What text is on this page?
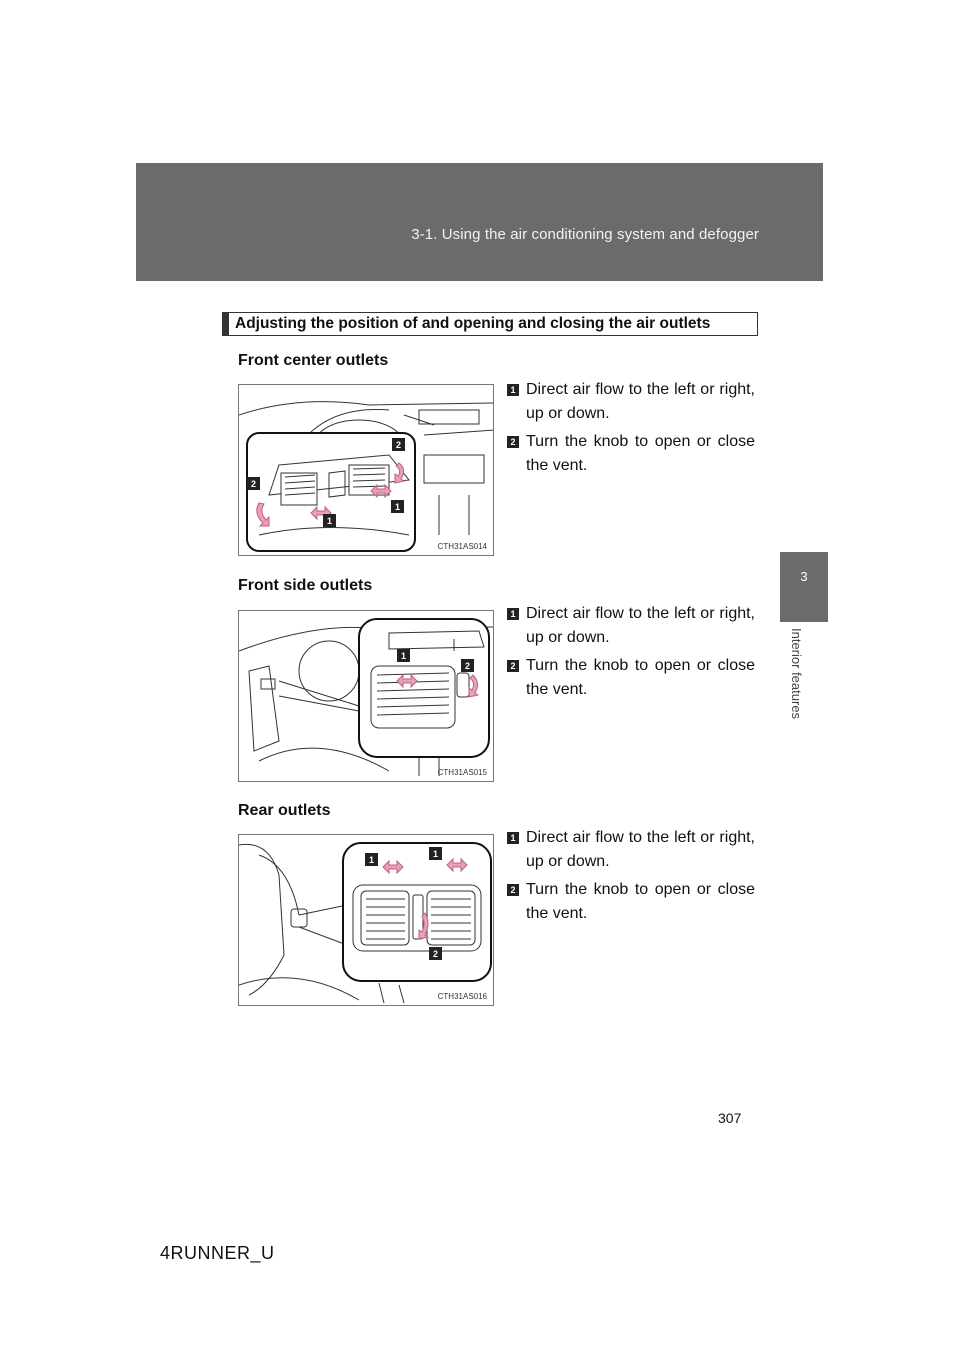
3-1. Using the air conditioning system and defogger
3
Interior features
Adjusting the position of and opening and closing the air outlets
Front center outlets
1
1
2
2
CTH31AS014
1 Direct air flow to the left or right, up or down.
2 Turn the knob to open or close the vent.
Front side outlets
1
2
CTH31AS015
1 Direct air flow to the left or right, up or down.
2 Turn the knob to open or close the vent.
Rear outlets
1
1
2
CTH31AS016
1 Direct air flow to the left or right, up or down.
2 Turn the knob to open or close the vent.
307
4RUNNER_U
